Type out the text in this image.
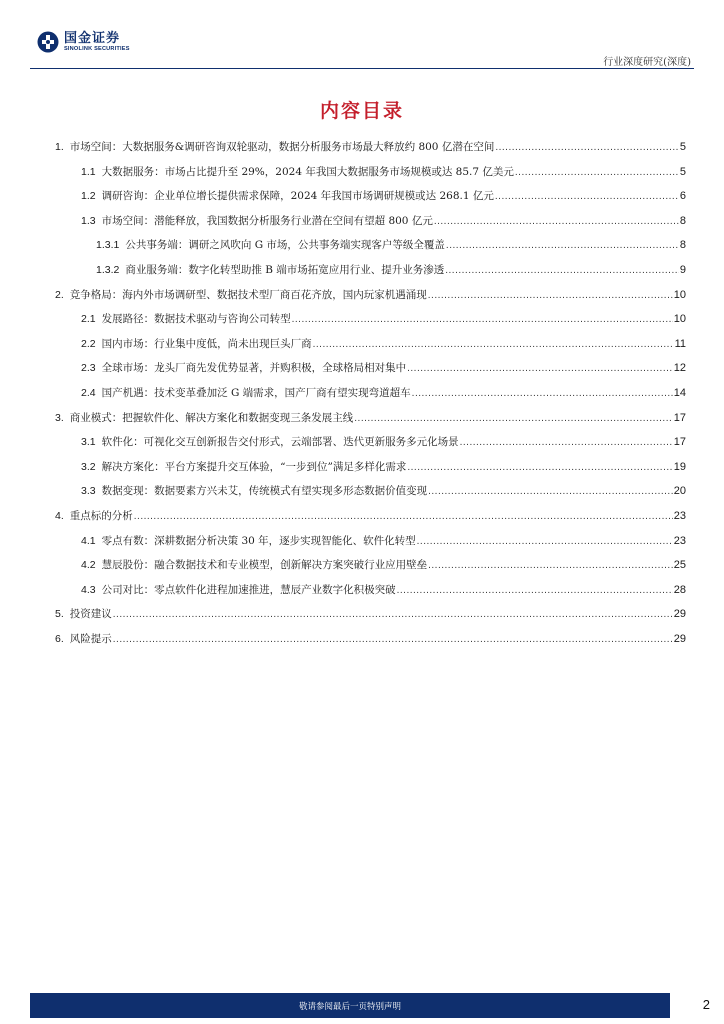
国金证券
SINOLINK SECURITIES
行业深度研究(深度)
内容目录
1. 市场空间：大数据服务&调研咨询双轮驱动，数据分析服务市场最大释放约 800 亿潜在空间 .....	5
1.1 大数据服务：市场占比提升至 29%，2024 年我国大数据服务市场规模或达 85.7 亿美元 .....	5
1.2 调研咨询：企业单位增长提供需求保障，2024 年我国市场调研规模或达 268.1 亿元 .....	6
1.3 市场空间：潜能释放，我国数据分析服务行业潜在空间有望超 800 亿元 .....	8
1.3.1 公共事务端：调研之风吹向 G 市场，公共事务端实现客户等级全覆盖 .....	8
1.3.2 商业服务端：数字化转型助推 B 端市场拓宽应用行业、提升业务渗透 .....	9
2. 竞争格局：海内外市场调研型、数据技术型厂商百花齐放，国内玩家机遇涌现 .....	10
2.1 发展路径：数据技术驱动与咨询公司转型 .....	10
2.2 国内市场：行业集中度低，尚未出现巨头厂商 .....	11
2.3 全球市场：龙头厂商先发优势显著，并购积极，全球格局相对集中 .....	12
2.4 国产机遇：技术变革叠加泛 G 端需求，国产厂商有望实现弯道超车 .....	14
3. 商业模式：把握软件化、解决方案化和数据变现三条发展主线 .....	17
3.1 软件化：可视化交互创新报告交付形式，云端部署、迭代更新服务多元化场景 .....	17
3.2 解决方案化：平台方案提升交互体验，“一步到位”满足多样化需求 .....	19
3.3 数据变现：数据要素方兴未艾，传统模式有望实现多形态数据价值变现 .....	20
4. 重点标的分析 .....	23
4.1 零点有数：深耕数据分析决策 30 年，逐步实现智能化、软件化转型 .....	23
4.2 慧辰股份：融合数据技术和专业模型，创新解决方案突破行业应用壁垒 .....	25
4.3 公司对比：零点软件化进程加速推进，慧辰产业数字化积极突破 .....	28
5. 投资建议 .....	29
6. 风险提示 .....	29
敬请参阅最后一页特别声明	2
